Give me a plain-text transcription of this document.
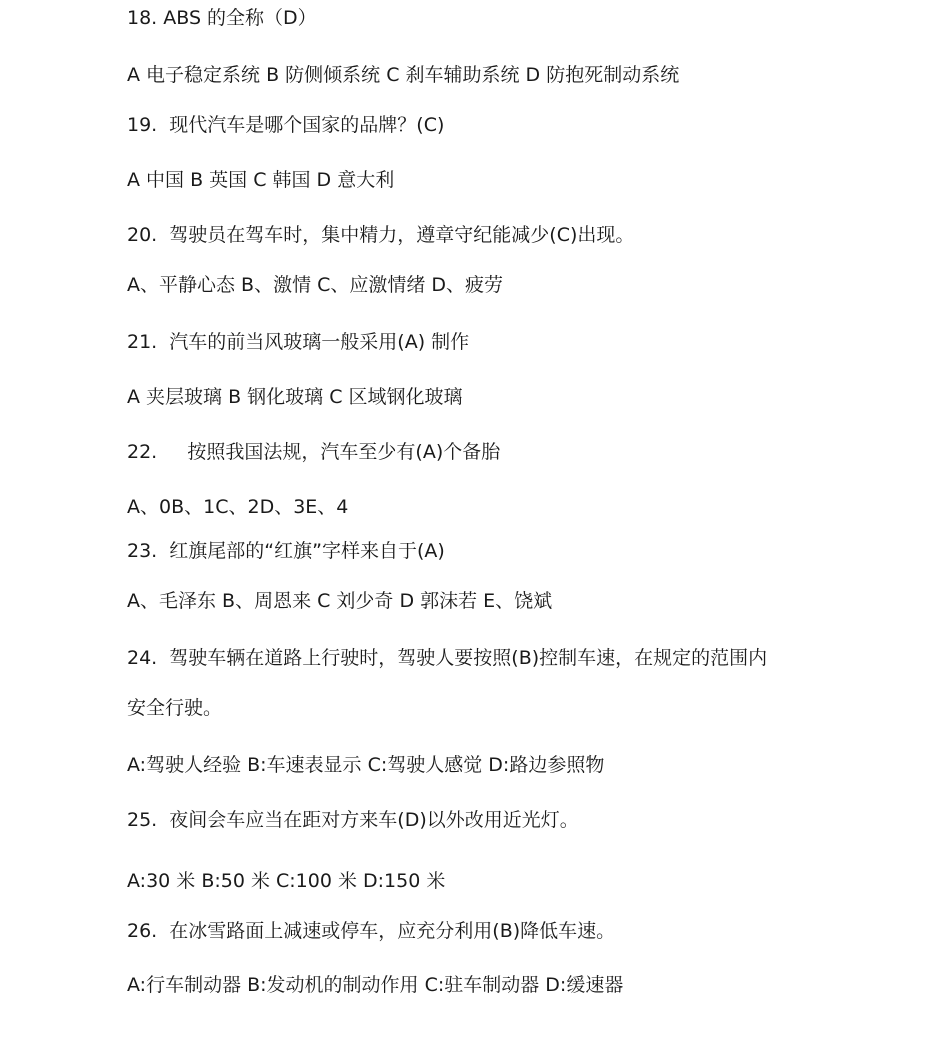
18. ABS 的全称（D）
A 电子稳定系统 B 防侧倾系统 C 刹车辅助系统 D 防抱死制动系统
19.  现代汽车是哪个国家的品牌？(C)
A 中国 B 英国 C 韩国 D 意大利
20.  驾驶员在驾车时，集中精力，遵章守纪能减少(C)出现。
A、平静心态 B、激情 C、应激情绪 D、疲劳
21.  汽车的前当风玻璃一般采用(A) 制作
A 夹层玻璃 B 钢化玻璃 C 区域钢化玻璃
22.     按照我国法规，汽车至少有(A)个备胎
A、0B、1C、2D、3E、4
23.  红旗尾部的“红旗”字样来自于(A)
A、毛泽东 B、周恩来 C 刘少奇 D 郭沫若 E、饶斌
24.  驾驶车辆在道路上行驶时，驾驶人要按照(B)控制车速，在规定的范围内
安全行驶。
A:驾驶人经验 B:车速表显示 C:驾驶人感觉 D:路边参照物
25.  夜间会车应当在距对方来车(D)以外改用近光灯。
A:30 米 B:50 米 C:100 米 D:150 米
26.  在冰雪路面上减速或停车，应充分利用(B)降低车速。
A:行车制动器 B:发动机的制动作用 C:驻车制动器 D:缓速器
